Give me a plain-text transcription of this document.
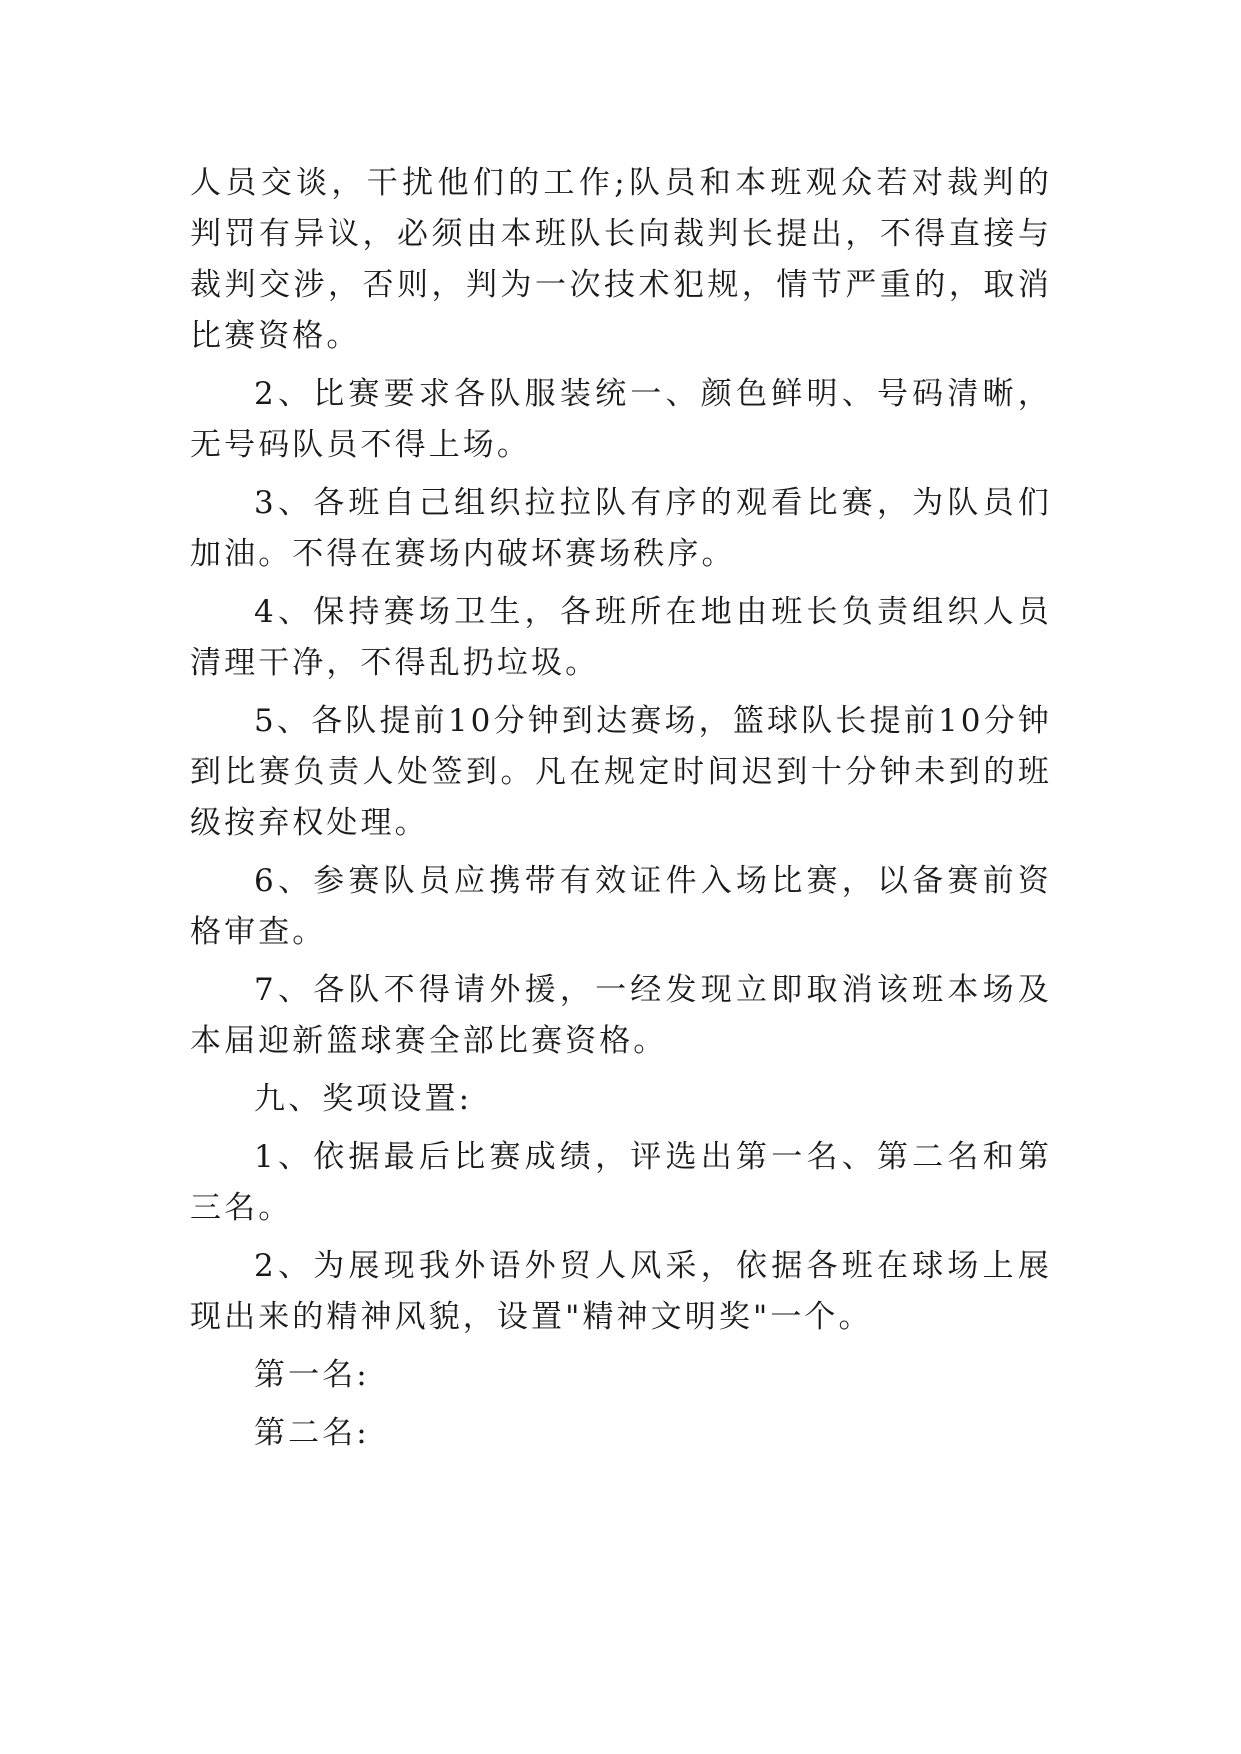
人员交谈，干扰他们的工作;队员和本班观众若对裁判的判罚有异议，必须由本班队长向裁判长提出，不得直接与裁判交涉，否则，判为一次技术犯规，情节严重的，取消比赛资格。

2、比赛要求各队服装统一、颜色鲜明、号码清晰，无号码队员不得上场。

3、各班自己组织拉拉队有序的观看比赛，为队员们加油。不得在赛场内破坏赛场秩序。

4、保持赛场卫生，各班所在地由班长负责组织人员清理干净，不得乱扔垃圾。

5、各队提前10分钟到达赛场，篮球队长提前10分钟到比赛负责人处签到。凡在规定时间迟到十分钟未到的班级按弃权处理。

6、参赛队员应携带有效证件入场比赛，以备赛前资格审查。

7、各队不得请外援，一经发现立即取消该班本场及本届迎新篮球赛全部比赛资格。

九、奖项设置:

1、依据最后比赛成绩，评选出第一名、第二名和第三名。

2、为展现我外语外贸人风采，依据各班在球场上展现出来的精神风貌，设置"精神文明奖"一个。

第一名:

第二名:
